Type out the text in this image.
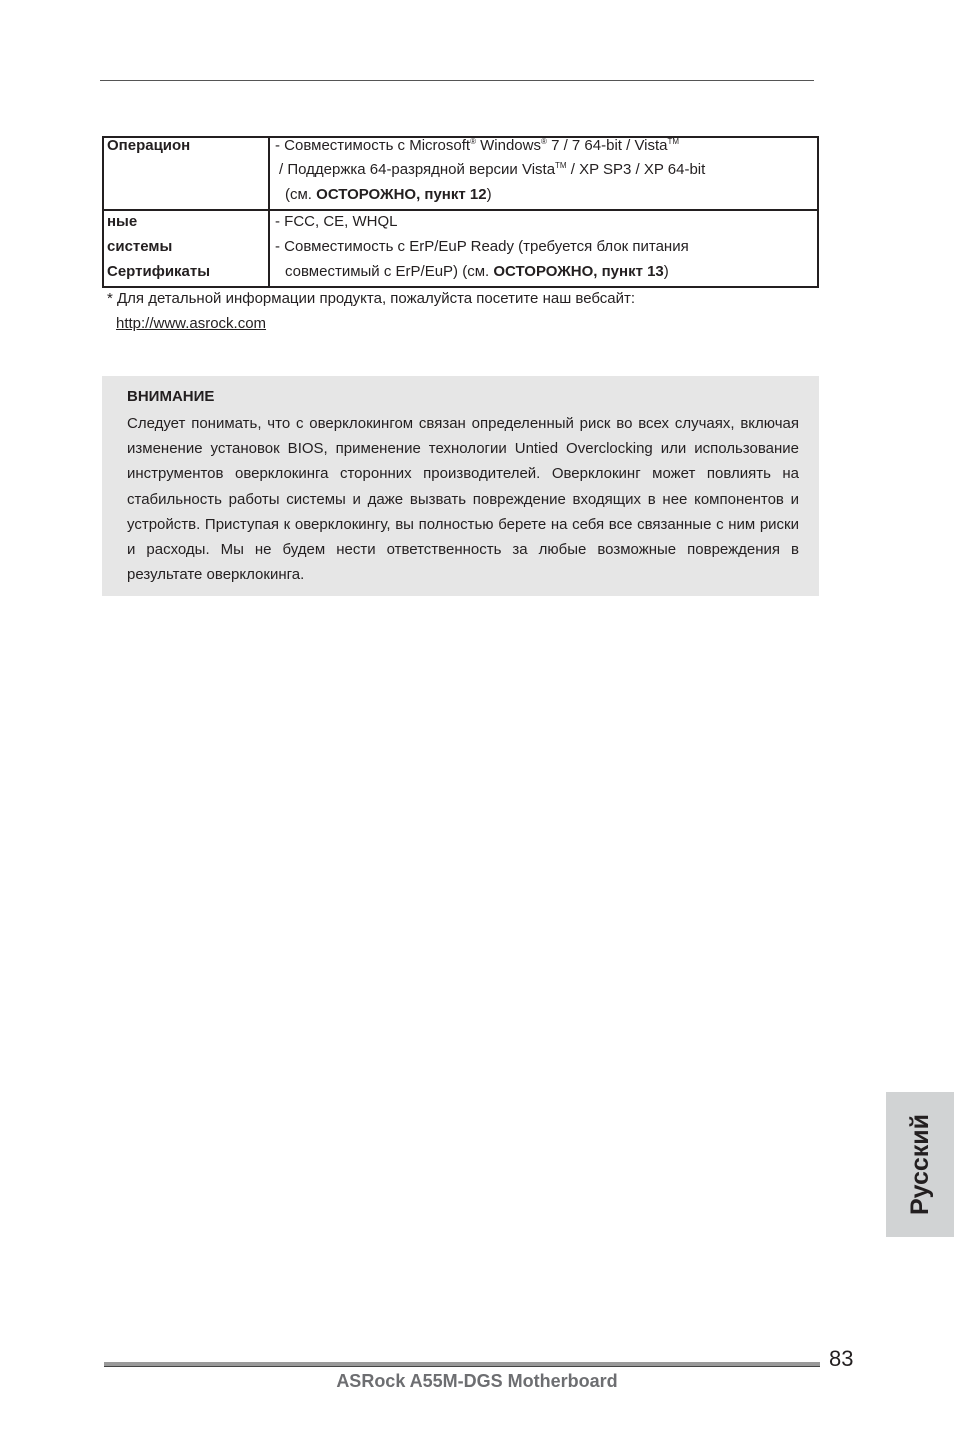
Операцион	- Совместимость с Microsoft® Windows® 7 / 7 64-bit / Vista™
/ Поддержка 64-разрядной версии Vista™ / XP SP3 / XP 64-bit
(см. ОСТОРОЖНО, пункт 12)
ные
системы
Сертификаты
- FCC, CE, WHQL
- Совместимость с ErP/EuP Ready (требуется блок питания
совместимый с ErP/EuP) (см. ОСТОРОЖНО, пункт 13)
* Для детальной информации продукта, пожалуйста посетите наш вебсайт:
http://www.asrock.com
ВНИМАНИЕ
Следует понимать, что с оверклокингом связан определенный риск во всех случаях, включая изменение установок BIOS, применение технологии Untied Overclocking или использование инструментов оверклокинга сторонних производителей. Оверклокинг может повлиять на стабильность работы системы и даже вызвать повреждение входящих в нее компонентов и устройств. Приступая к оверклокингу, вы полностью берете на себя все связанные с ним риски и расходы. Мы не будем нести ответственность за любые возможные повреждения в результате оверклокинга.
Русский
83
ASRock A55M-DGS Motherboard
